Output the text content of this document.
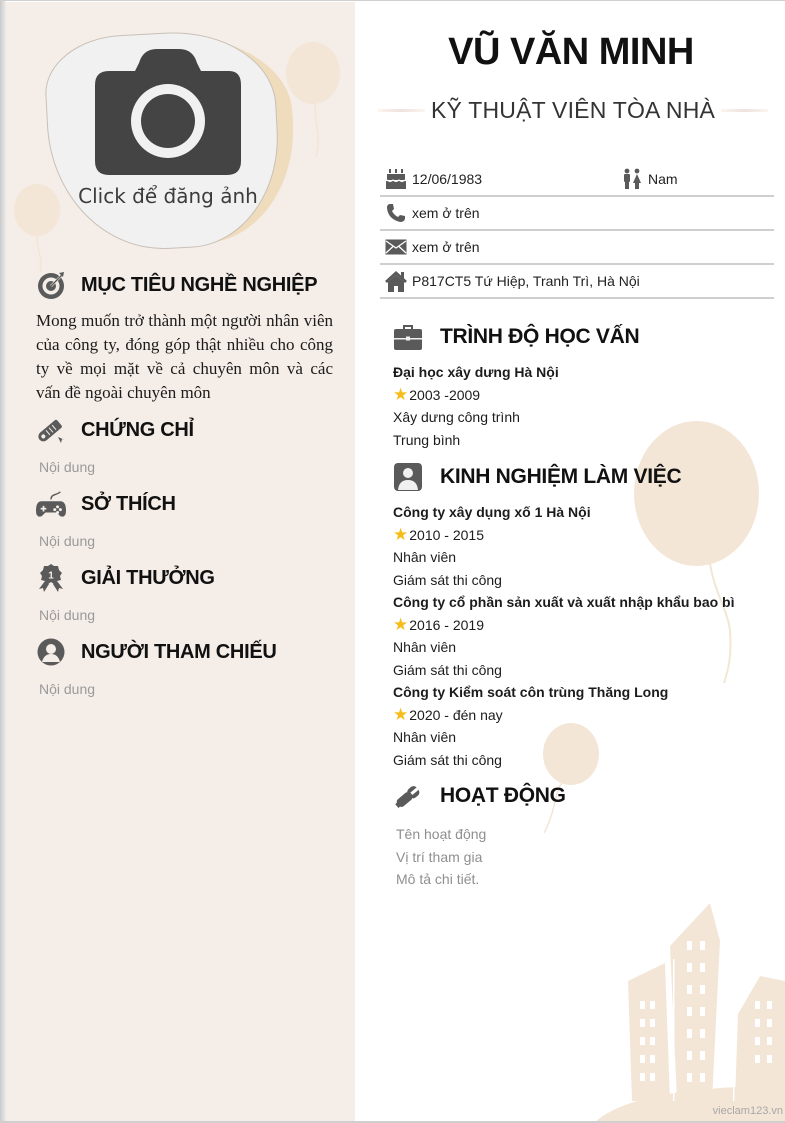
Click để đăng ảnh
MỤC TIÊU NGHỀ NGHIỆP
Mong muốn trở thành một người nhân viên của công ty, đóng góp thật nhiều cho công ty về mọi mặt về cả chuyên môn và các vấn đề ngoài chuyên môn
CHỨNG CHỈ
Nội dung
SỞ THÍCH
Nội dung
1 GIẢI THƯỞNG
Nội dung
NGƯỜI THAM CHIẾU
Nội dung
VŨ VĂN MINH
KỸ THUẬT VIÊN TÒA NHÀ
12/06/1983	Nam
xem ở trên
xem ở trên
P817CT5 Tứ Hiệp, Tranh Trì, Hà Nội
TRÌNH ĐỘ HỌC VẤN
Đại học xây dưng Hà Nội
★2003 -2009
Xây dưng công trình
Trung bình
KINH NGHIỆM LÀM VIỆC
Công ty xây dụng xố 1 Hà Nội
★2010 - 2015
Nhân viên
Giám sát thi công
Công ty cổ phần sản xuất và xuất nhập khẩu bao bì
★2016 - 2019
Nhân viên
Giám sát thi công
Công ty Kiểm soát côn trùng Thăng Long
★2020 - đén nay
Nhân viên
Giám sát thi công
HOẠT ĐỘNG
Tên hoạt động
Vị trí tham gia
Mô tả chi tiết.
vieclam123.vn
